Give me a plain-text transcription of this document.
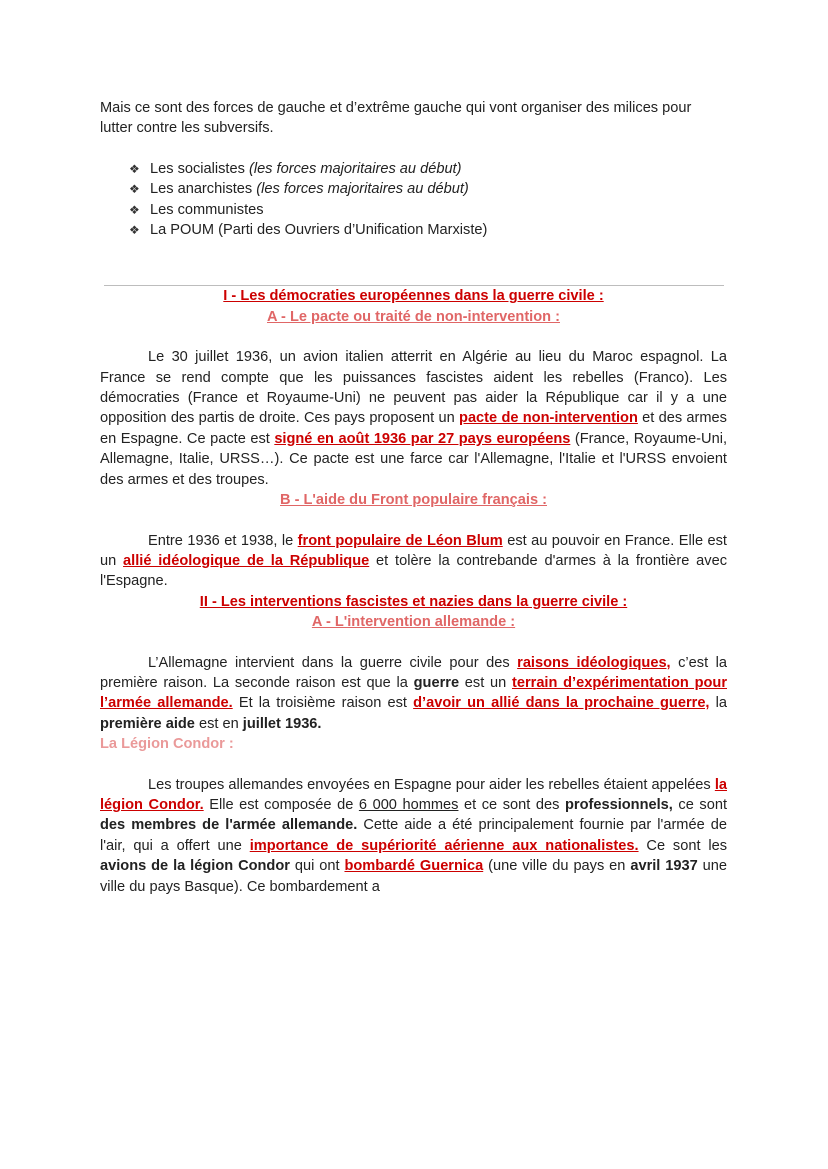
Mais ce sont des forces de gauche et d’extrême gauche qui vont organiser des milices pour lutter contre les subversifs.

❖ Les socialistes (les forces majoritaires au début)
❖ Les anarchistes (les forces majoritaires au début)
❖ Les communistes
❖ La POUM (Parti des Ouvriers d’Unification Marxiste)
I - Les démocraties européennes dans la guerre civile :
A - Le pacte ou traité de non-intervention :

Le 30 juillet 1936, un avion italien atterrit en Algérie au lieu du Maroc espagnol. La France se rend compte que les puissances fascistes aident les rebelles (Franco). Les démocraties (France et Royaume-Uni) ne peuvent pas aider la République car il y a une opposition des partis de droite. Ces pays proposent un pacte de non-intervention et des armes en Espagne. Ce pacte est signé en août 1936 par 27 pays européens (France, Royaume-Uni, Allemagne, Italie, URSS…). Ce pacte est une farce car l'Allemagne, l'Italie et l'URSS envoient des armes et des troupes.

B - L'aide du Front populaire français :

Entre 1936 et 1938, le front populaire de Léon Blum est au pouvoir en France. Elle est un allié idéologique de la République et tolère la contrebande d'armes à la frontière avec l'Espagne.

II - Les interventions fascistes et nazies dans la guerre civile :
A - L'intervention allemande :

L’Allemagne intervient dans la guerre civile pour des raisons idéologiques, c’est la première raison. La seconde raison est que la guerre est un terrain d’expérimentation pour l’armée allemande. Et la troisième raison est d’avoir un allié dans la prochaine guerre, la première aide est en juillet 1936.

La Légion Condor :

Les troupes allemandes envoyées en Espagne pour aider les rebelles étaient appelées la légion Condor. Elle est composée de 6 000 hommes et ce sont des professionnels, ce sont des membres de l'armée allemande. Cette aide a été principalement fournie par l'armée de l'air, qui a offert une importance de supériorité aérienne aux nationalistes. Ce sont les avions de la légion Condor qui ont bombardé Guernica (une ville du pays en avril 1937 une ville du pays Basque). Ce bombardement a
